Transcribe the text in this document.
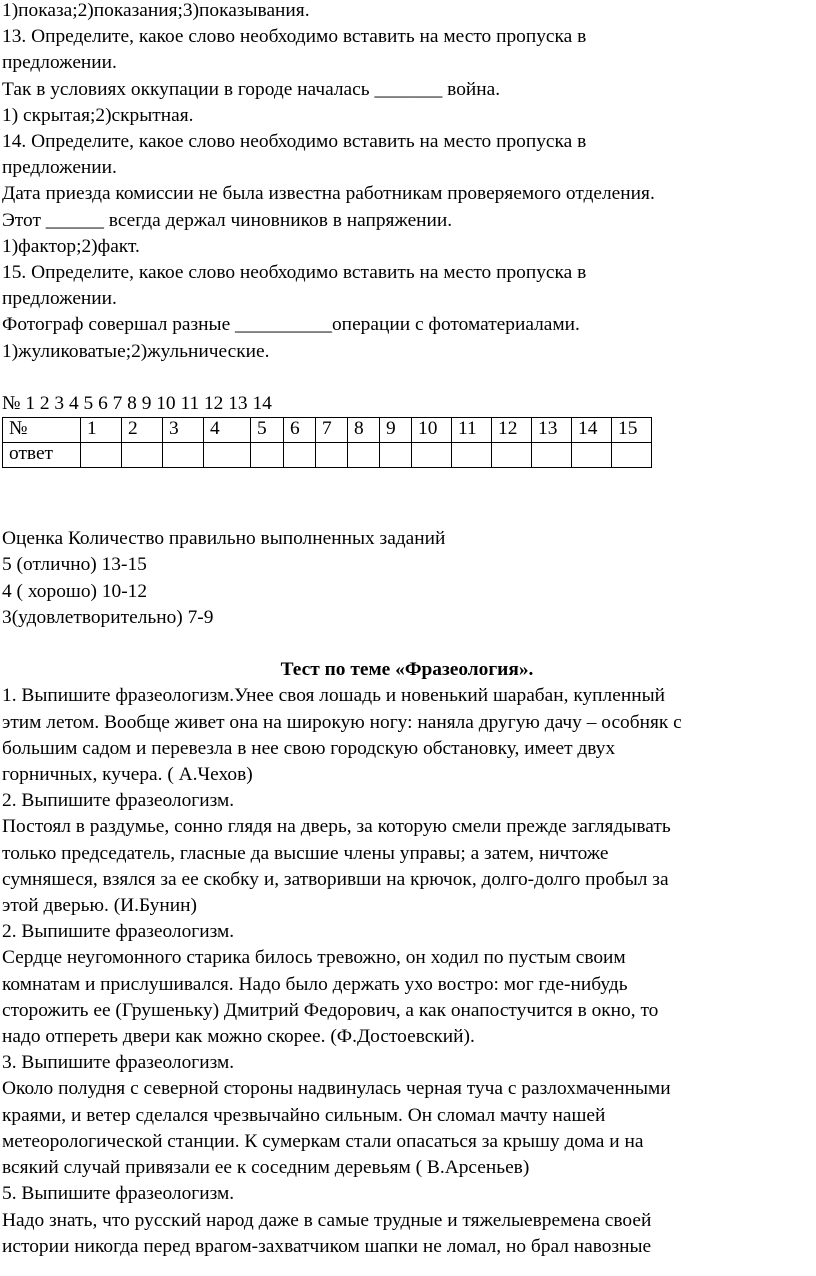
1)показа;2)показания;3)показывания.
13. Определите, какое слово необходимо вставить на место пропуска в
предложении.
Так в условиях оккупации в городе началась _______ война.
1) скрытая;2)скрытная.
14. Определите, какое слово необходимо вставить на место пропуска в
предложении.
Дата приезда комиссии не была известна работникам проверяемого отделения.
Этот ______ всегда держал чиновников в напряжении.
1)фактор;2)факт.
15. Определите, какое слово необходимо вставить на место пропуска в
предложении.
Фотограф совершал разные __________операции с фотоматериалами.
1)жуликоватые;2)жульнические.
№ 1 2 3 4 5 6 7 8 9 10 11 12 13 14
№	1	2	3	4	5	6	7	8	9	10	11	12	13	14	15
ответ															
Оценка Количество правильно выполненных заданий
5 (отлично) 13-15
4 ( хорошо) 10-12
3(удовлетворительно) 7-9
Тест по теме «Фразеология».
1. Выпишите фразеологизм.Унее своя лошадь и новенький шарабан, купленный
этим летом. Вообще живет она на широкую ногу: наняла другую дачу – особняк с
большим садом и перевезла в нее свою городскую обстановку, имеет двух
горничных, кучера. ( А.Чехов)
2. Выпишите фразеологизм.
Постоял в раздумье, сонно глядя на дверь, за которую смели прежде заглядывать
только председатель, гласные да высшие члены управы; а затем, ничтоже
сумняшеся, взялся за ее скобку и, затворивши на крючок, долго-долго пробыл за
этой дверью. (И.Бунин)
2. Выпишите фразеологизм.
Сердце неугомонного старика билось тревожно, он ходил по пустым своим
комнатам и прислушивался. Надо было держать ухо востро: мог где-нибудь
сторожить ее (Грушеньку) Дмитрий Федорович, а как онапостучится в окно, то
надо отпереть двери как можно скорее. (Ф.Достоевский).
3. Выпишите фразеологизм.
Около полудня с северной стороны надвинулась черная туча с разлохмаченными
краями, и ветер сделался чрезвычайно сильным. Он сломал мачту нашей
метеорологической станции. К сумеркам стали опасаться за крышу дома и на
всякий случай привязали ее к соседним деревьям ( В.Арсеньев)
5. Выпишите фразеологизм.
Надо знать, что русский народ даже в самые трудные и тяжелыевремена своей
истории никогда перед врагом-захватчиком шапки не ломал, но брал навозные
